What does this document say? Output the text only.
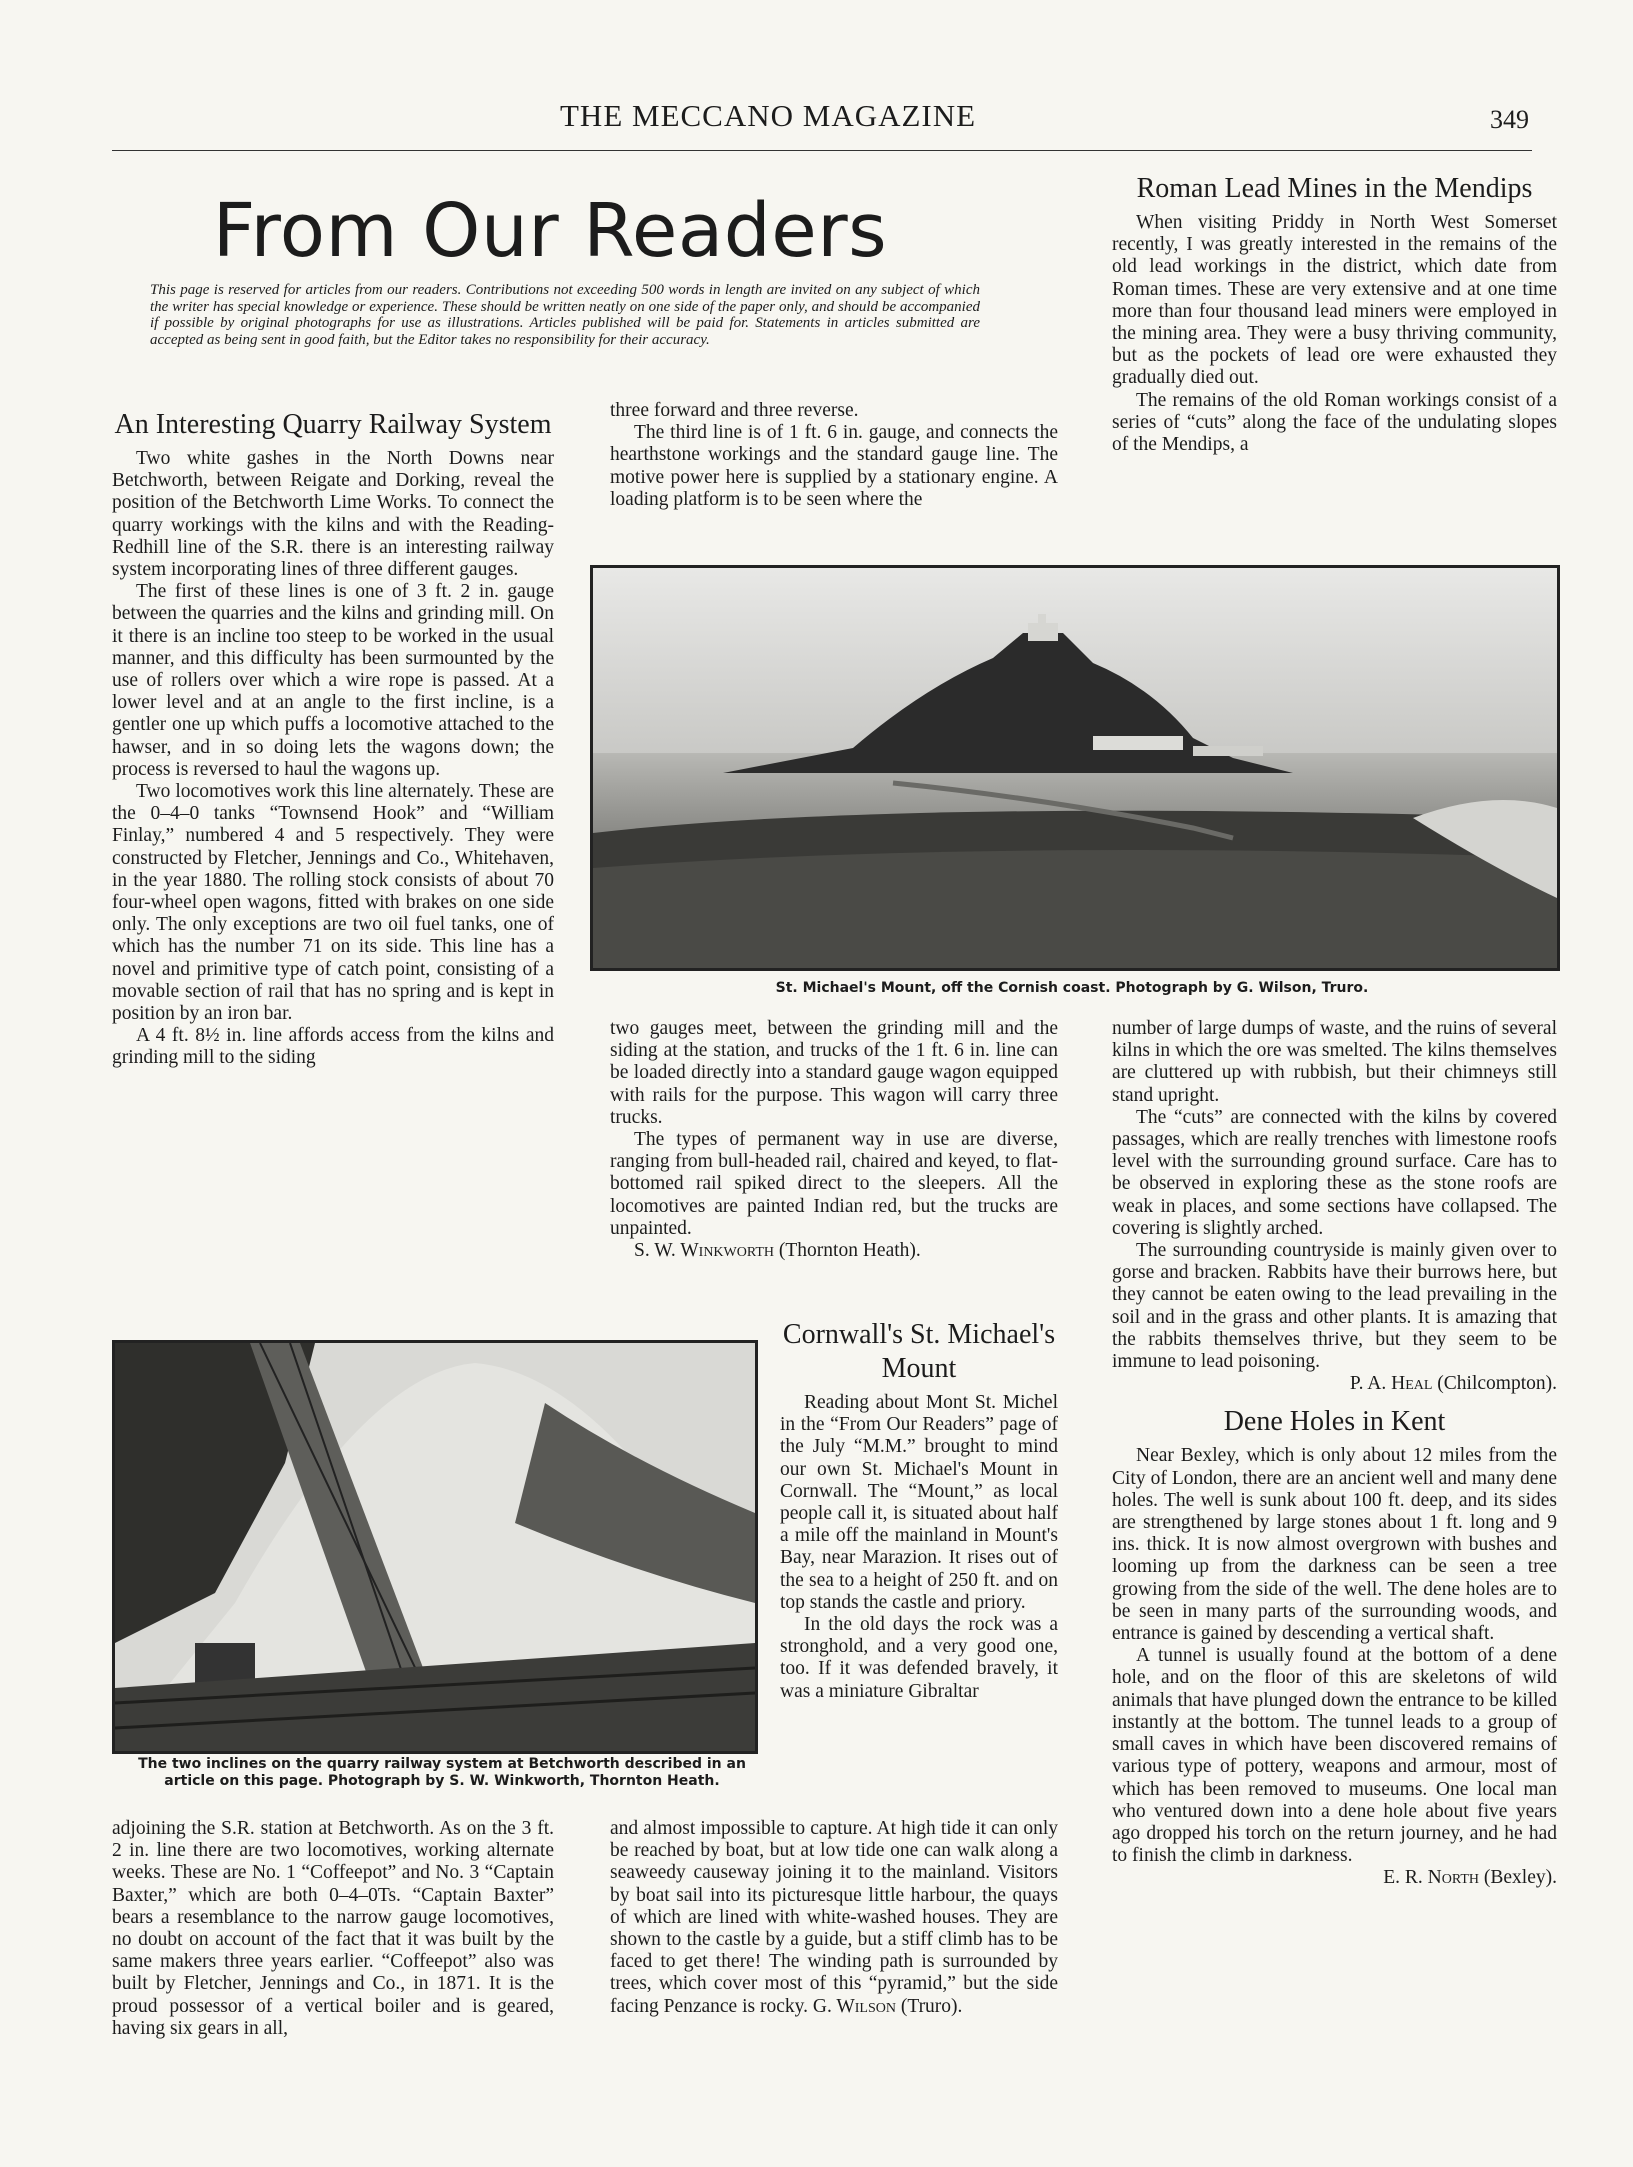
THE MECCANO MAGAZINE	349
From Our Readers
This page is reserved for articles from our readers. Contributions not exceeding 500 words in length are invited on any subject of which the writer has special knowledge or experience. These should be written neatly on one side of the paper only, and should be accompanied if possible by original photographs for use as illustrations. Articles published will be paid for. Statements in articles submitted are accepted as being sent in good faith, but the Editor takes no responsibility for their accuracy.
An Interesting Quarry Railway System

Two white gashes in the North Downs near Betchworth, between Reigate and Dorking, reveal the position of the Betchworth Lime Works. To connect the quarry workings with the kilns and with the Reading-Redhill line of the S.R. there is an interesting railway system incorporating lines of three different gauges.

The first of these lines is one of 3 ft. 2 in. gauge between the quarries and the kilns and grinding mill. On it there is an incline too steep to be worked in the usual manner, and this difficulty has been surmounted by the use of rollers over which a wire rope is passed. At a lower level and at an angle to the first incline, is a gentler one up which puffs a locomotive attached to the hawser, and in so doing lets the wagons down; the process is reversed to haul the wagons up.

Two locomotives work this line alternately. These are the 0–4–0 tanks “Townsend Hook” and “William Finlay,” numbered 4 and 5 respectively. They were constructed by Fletcher, Jennings and Co., Whitehaven, in the year 1880. The rolling stock consists of about 70 four-wheel open wagons, fitted with brakes on one side only. The only exceptions are two oil fuel tanks, one of which has the number 71 on its side. This line has a novel and primitive type of catch point, consisting of a movable section of rail that has no spring and is kept in position by an iron bar.

A 4 ft. 8½ in. line affords access from the kilns and grinding mill to the siding

three forward and three reverse.

The third line is of 1 ft. 6 in. gauge, and connects the hearthstone workings and the standard gauge line. The motive power here is supplied by a stationary engine. A loading platform is to be seen where the

Roman Lead Mines in the Mendips

When visiting Priddy in North West Somerset recently, I was greatly interested in the remains of the old lead workings in the district, which date from Roman times. These are very extensive and at one time more than four thousand lead miners were employed in the mining area. They were a busy thriving community, but as the pockets of lead ore were exhausted they gradually died out.

The remains of the old Roman workings consist of a series of “cuts” along the face of the undulating slopes of the Mendips, a

St. Michael's Mount, off the Cornish coast. Photograph by G. Wilson, Truro.

two gauges meet, between the grinding mill and the siding at the station, and trucks of the 1 ft. 6 in. line can be loaded directly into a standard gauge wagon equipped with rails for the purpose. This wagon will carry three trucks.

The types of permanent way in use are diverse, ranging from bull-headed rail, chaired and keyed, to flat-bottomed rail spiked direct to the sleepers. All the locomotives are painted Indian red, but the trucks are unpainted.

S. W. Winkworth (Thornton Heath).

number of large dumps of waste, and the ruins of several kilns in which the ore was smelted. The kilns themselves are cluttered up with rubbish, but their chimneys still stand upright.

The “cuts” are connected with the kilns by covered passages, which are really trenches with limestone roofs level with the surrounding ground surface. Care has to be observed in exploring these as the stone roofs are weak in places, and some sections have collapsed. The covering is slightly arched.

The surrounding countryside is mainly given over to gorse and bracken. Rabbits have their burrows here, but they cannot be eaten owing to the lead prevailing in the soil and in the grass and other plants. It is amazing that the rabbits themselves thrive, but they seem to be immune to lead poisoning.

P. A. Heal (Chilcompton).

Dene Holes in Kent

Near Bexley, which is only about 12 miles from the City of London, there are an ancient well and many dene holes. The well is sunk about 100 ft. deep, and its sides are strengthened by large stones about 1 ft. long and 9 ins. thick. It is now almost overgrown with bushes and looming up from the darkness can be seen a tree growing from the side of the well. The dene holes are to be seen in many parts of the surrounding woods, and entrance is gained by descending a vertical shaft.

A tunnel is usually found at the bottom of a dene hole, and on the floor of this are skeletons of wild animals that have plunged down the entrance to be killed instantly at the bottom. The tunnel leads to a group of small caves in which have been discovered remains of various type of pottery, weapons and armour, most of which has been removed to museums. One local man who ventured down into a dene hole about five years ago dropped his torch on the return journey, and he had to finish the climb in darkness.

E. R. North (Bexley).

The two inclines on the quarry railway system at Betchworth described in an article on this page. Photograph by S. W. Winkworth, Thornton Heath.
Cornwall's St. Michael's Mount

Reading about Mont St. Michel in the “From Our Readers” page of the July “M.M.” brought to mind our own St. Michael's Mount in Cornwall. The “Mount,” as local people call it, is situated about half a mile off the mainland in Mount's Bay, near Marazion. It rises out of the sea to a height of 250 ft. and on top stands the castle and priory.

In the old days the rock was a stronghold, and a very good one, too. If it was defended bravely, it was a miniature Gibraltar

adjoining the S.R. station at Betchworth. As on the 3 ft. 2 in. line there are two locomotives, working alternate weeks. These are No. 1 “Coffeepot” and No. 3 “Captain Baxter,” which are both 0–4–0Ts. “Captain Baxter” bears a resemblance to the narrow gauge locomotives, no doubt on account of the fact that it was built by the same makers three years earlier. “Coffeepot” also was built by Fletcher, Jennings and Co., in 1871. It is the proud possessor of a vertical boiler and is geared, having six gears in all,

and almost impossible to capture. At high tide it can only be reached by boat, but at low tide one can walk along a seaweedy causeway joining it to the mainland. Visitors by boat sail into its picturesque little harbour, the quays of which are lined with white-washed houses. They are shown to the castle by a guide, but a stiff climb has to be faced to get there! The winding path is surrounded by trees, which cover most of this “pyramid,” but the side facing Penzance is rocky. G. Wilson (Truro).
